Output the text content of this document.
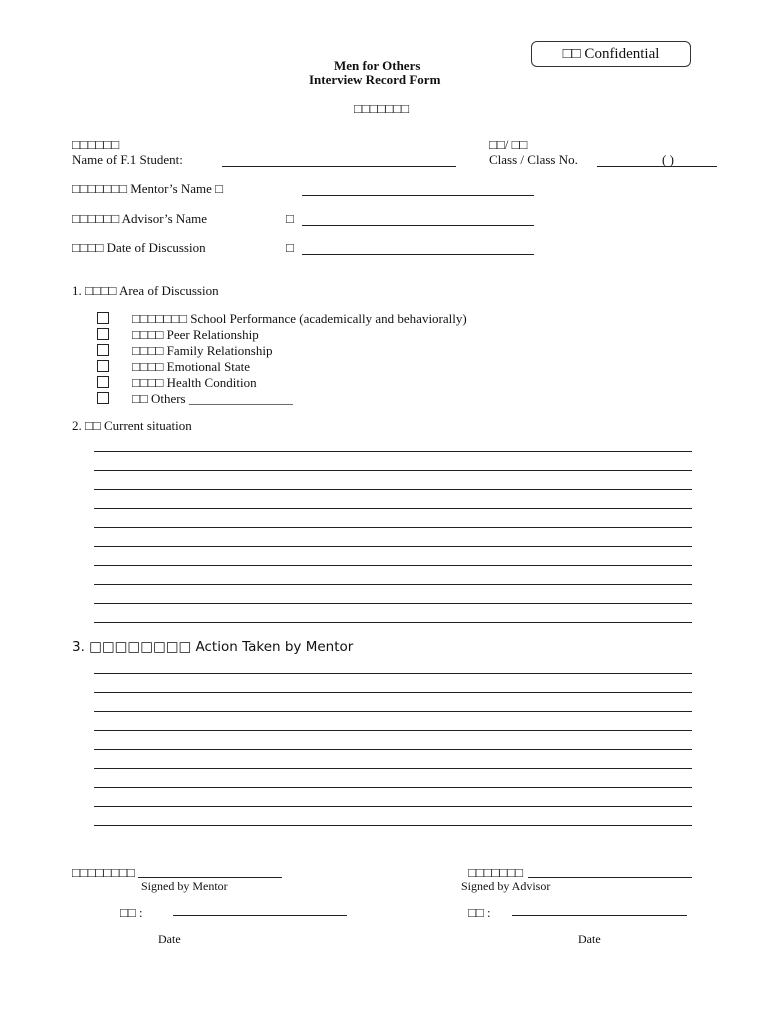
□□ Confidential
Men for Others
Interview Record Form
□□□□□□□
□□□□□□
Name of F.1 Student:
□□/ □□
Class / Class No.	( )
□□□□□□□ Mentor’s Name □
□□□□□□ Advisor’s Name	□
□□□□ Date of Discussion	□
1. □□□□ Area of Discussion
□□□□□□□ School Performance (academically and behaviorally)
□□□□ Peer Relationship
□□□□ Family Relationship
□□□□ Emotional State
□□□□ Health Condition
□□ Others ________________
2. □□ Current situation
3. □□□□□□□□ Action Taken by Mentor
□□□□□□□□
Signed by Mentor
□□□□□□□
Signed by Advisor
□□ :
Date
□□ :
Date
